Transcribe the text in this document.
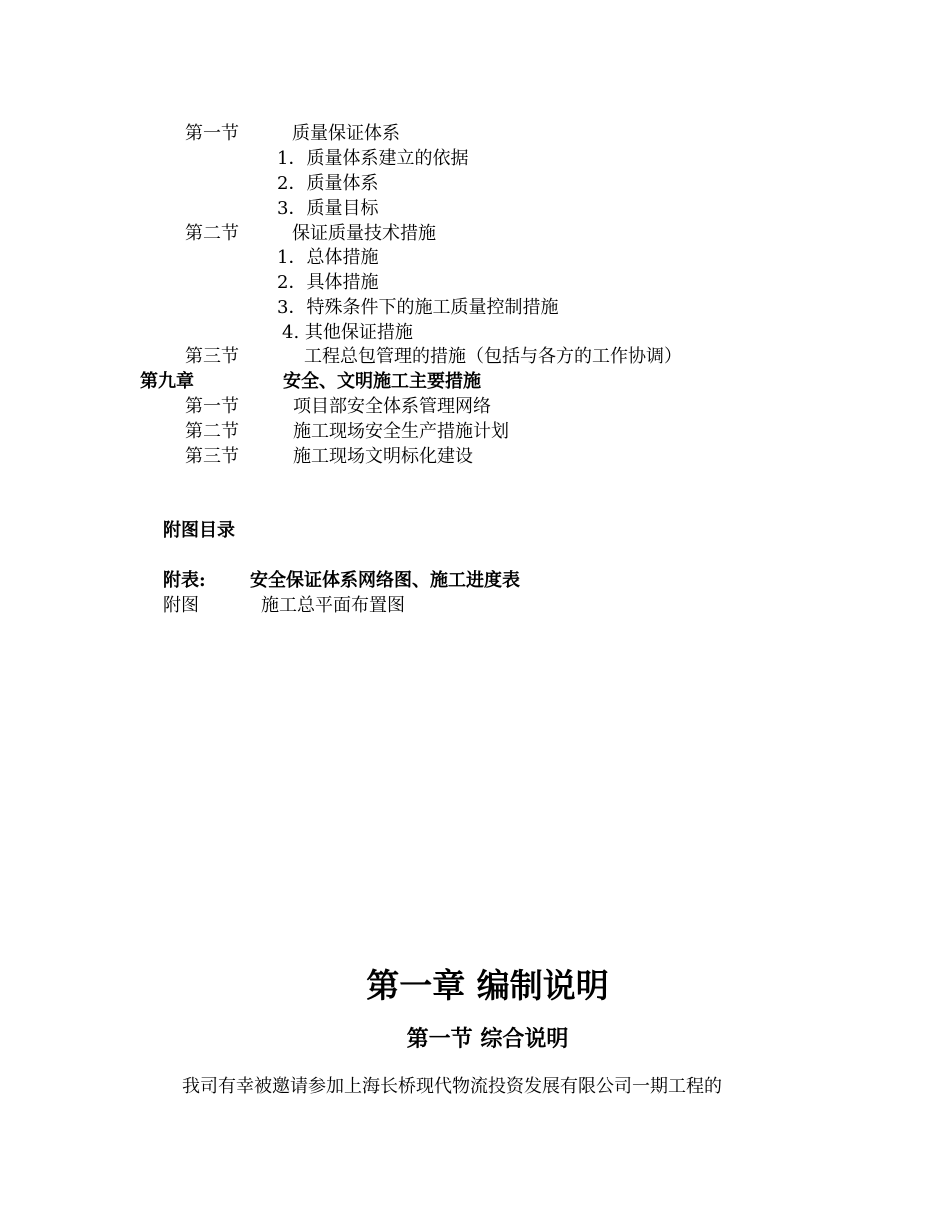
第一节	质量保证体系
1．质量体系建立的依据
2．质量体系
3．质量目标
第二节	保证质量技术措施
1．总体措施
2．具体措施
3．特殊条件下的施工质量控制措施
4. 其他保证措施
第三节	工程总包管理的措施（包括与各方的工作协调）
第九章	安全、文明施工主要措施
第一节	项目部安全体系管理网络
第二节	施工现场安全生产措施计划
第三节	施工现场文明标化建设
附图目录
附表: 安全保证体系网络图、施工进度表
附图	施工总平面布置图
第一章 编制说明
第一节 综合说明
我司有幸被邀请参加上海长桥现代物流投资发展有限公司一期工程的
